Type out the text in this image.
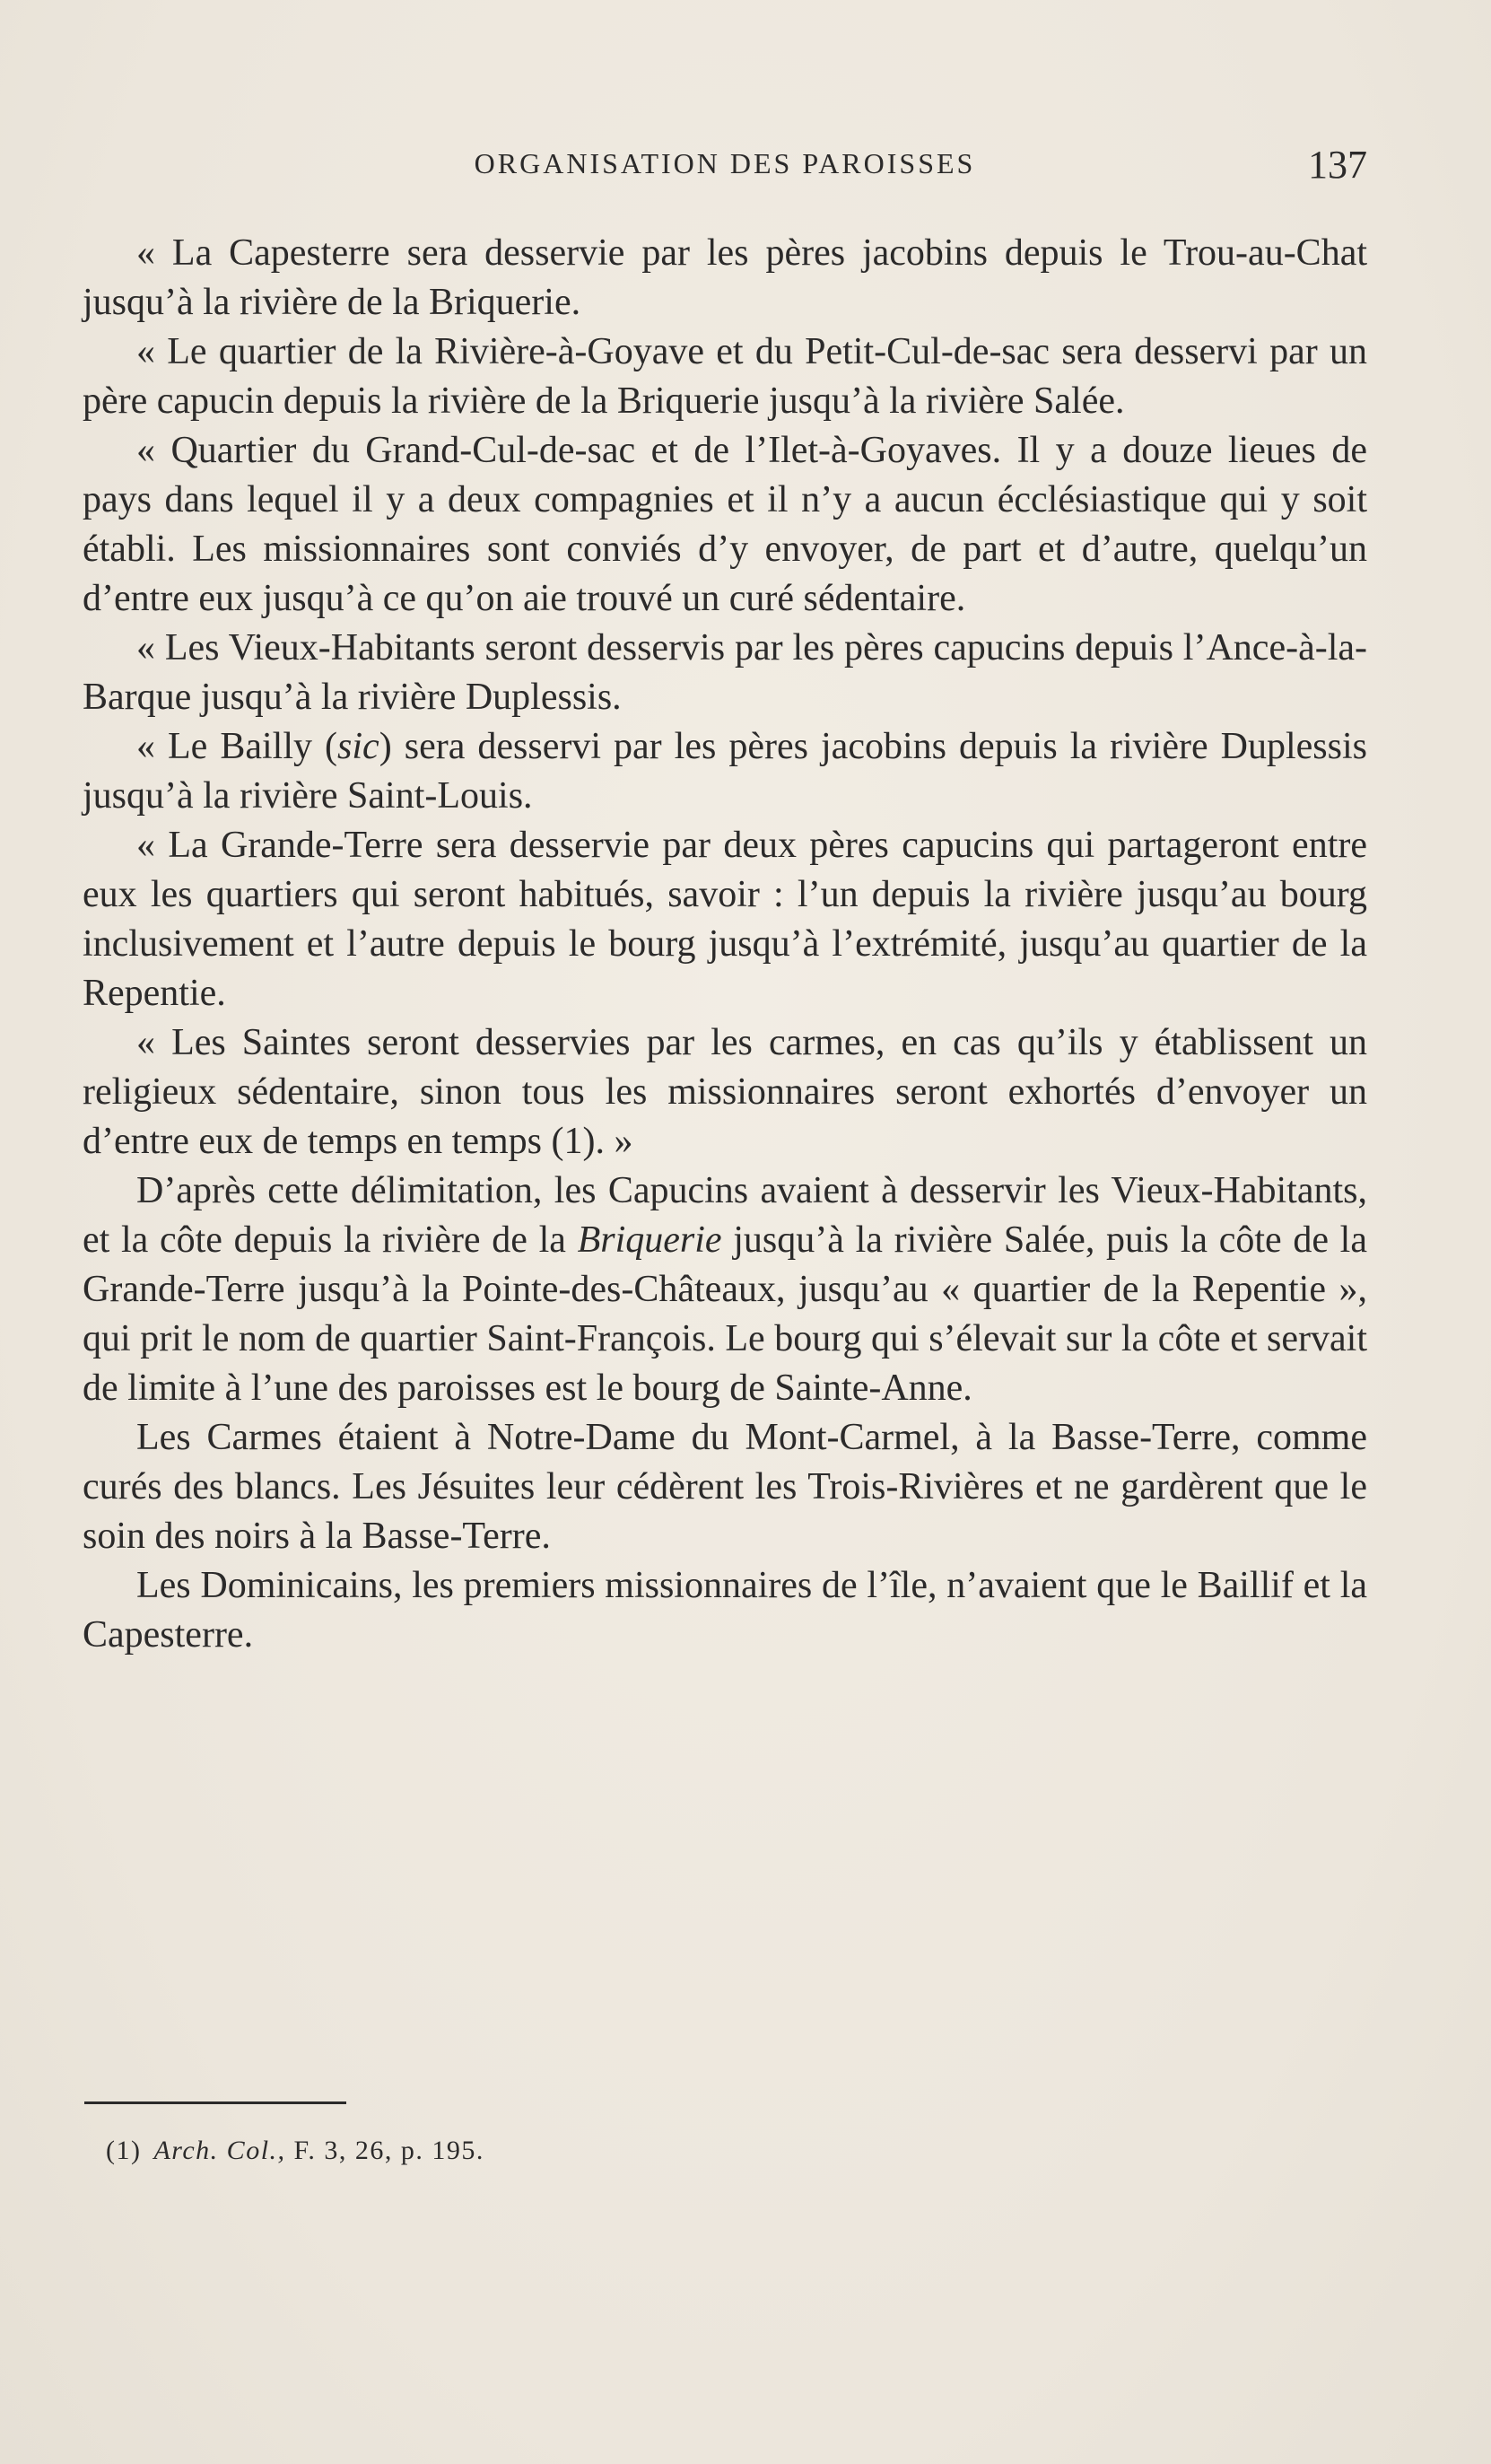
ORGANISATION DES PAROISSES	137

« La Capesterre sera desservie par les pères jacobins depuis le Trou-au-Chat jusqu’à la rivière de la Briquerie.

« Le quartier de la Rivière-à-Goyave et du Petit-Cul-de-sac sera desservi par un père capucin depuis la rivière de la Briquerie jusqu’à la rivière Salée.

« Quartier du Grand-Cul-de-sac et de l’Ilet-à-Goyaves. Il y a douze lieues de pays dans lequel il y a deux compagnies et il n’y a aucun écclésiastique qui y soit établi. Les missionnaires sont conviés d’y envoyer, de part et d’autre, quelqu’un d’entre eux jusqu’à ce qu’on aie trouvé un curé sédentaire.

« Les Vieux-Habitants seront desservis par les pères capucins depuis l’Ance-à-la-Barque jusqu’à la rivière Duplessis.

« Le Bailly (sic) sera desservi par les pères jacobins depuis la rivière Duplessis jusqu’à la rivière Saint-Louis.

« La Grande-Terre sera desservie par deux pères capucins qui partageront entre eux les quartiers qui seront habitués, savoir : l’un depuis la rivière jusqu’au bourg inclusivement et l’autre depuis le bourg jusqu’à l’extrémité, jusqu’au quartier de la Repentie.

« Les Saintes seront desservies par les carmes, en cas qu’ils y établissent un religieux sédentaire, sinon tous les missionnaires seront exhortés d’envoyer un d’entre eux de temps en temps (1). »

D’après cette délimitation, les Capucins avaient à desservir les Vieux-Habitants, et la côte depuis la rivière de la Briquerie jusqu’à la rivière Salée, puis la côte de la Grande-Terre jusqu’à la Pointe-des-Châteaux, jusqu’au « quartier de la Repentie », qui prit le nom de quartier Saint-François. Le bourg qui s’élevait sur la côte et servait de limite à l’une des paroisses est le bourg de Sainte-Anne.

Les Carmes étaient à Notre-Dame du Mont-Carmel, à la Basse-Terre, comme curés des blancs. Les Jésuites leur cédèrent les Trois-Rivières et ne gardèrent que le soin des noirs à la Basse-Terre.

Les Dominicains, les premiers missionnaires de l’île, n’avaient que le Baillif et la Capesterre.

(1) Arch. Col., F. 3, 26, p. 195.
